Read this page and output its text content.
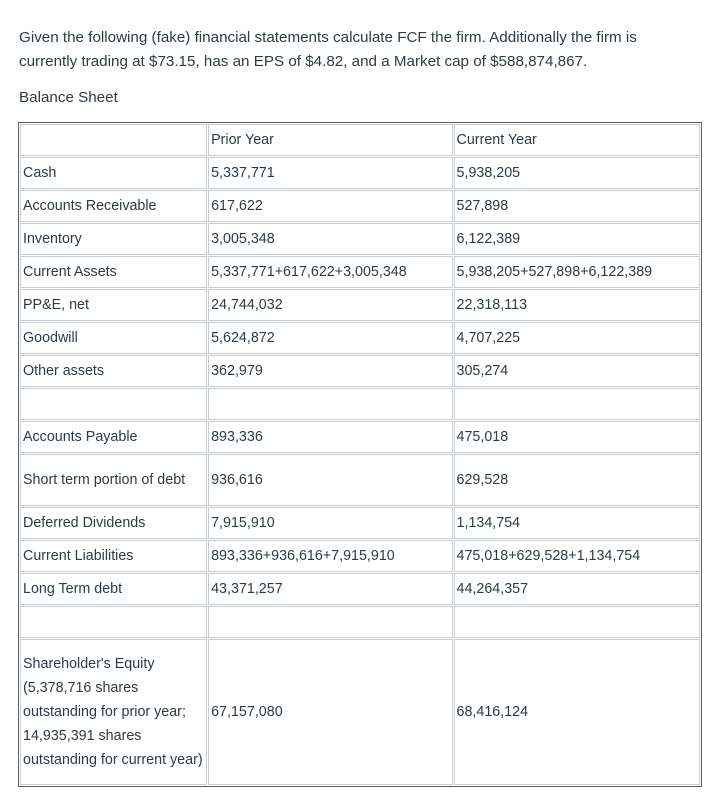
Given the following (fake) financial statements calculate FCF the firm. Additionally the firm is currently trading at $73.15, has an EPS of $4.82, and a Market cap of $588,874,867.

Balance Sheet

	Prior Year	Current Year
Cash	5,337,771	5,938,205
Accounts Receivable	617,622	527,898
Inventory	3,005,348	6,122,389
Current Assets	5,337,771+617,622+3,005,348	5,938,205+527,898+6,122,389
PP&E, net	24,744,032	22,318,113
Goodwill	5,624,872	4,707,225
Other assets	362,979	305,274

Accounts Payable	893,336	475,018
Short term portion of debt	936,616	629,528
Deferred Dividends	7,915,910	1,134,754
Current Liabilities	893,336+936,616+7,915,910	475,018+629,528+1,134,754
Long Term debt	43,371,257	44,264,357

Shareholder's Equity (5,378,716 shares outstanding for prior year; 14,935,391 shares outstanding for current year)	67,157,080	68,416,124
